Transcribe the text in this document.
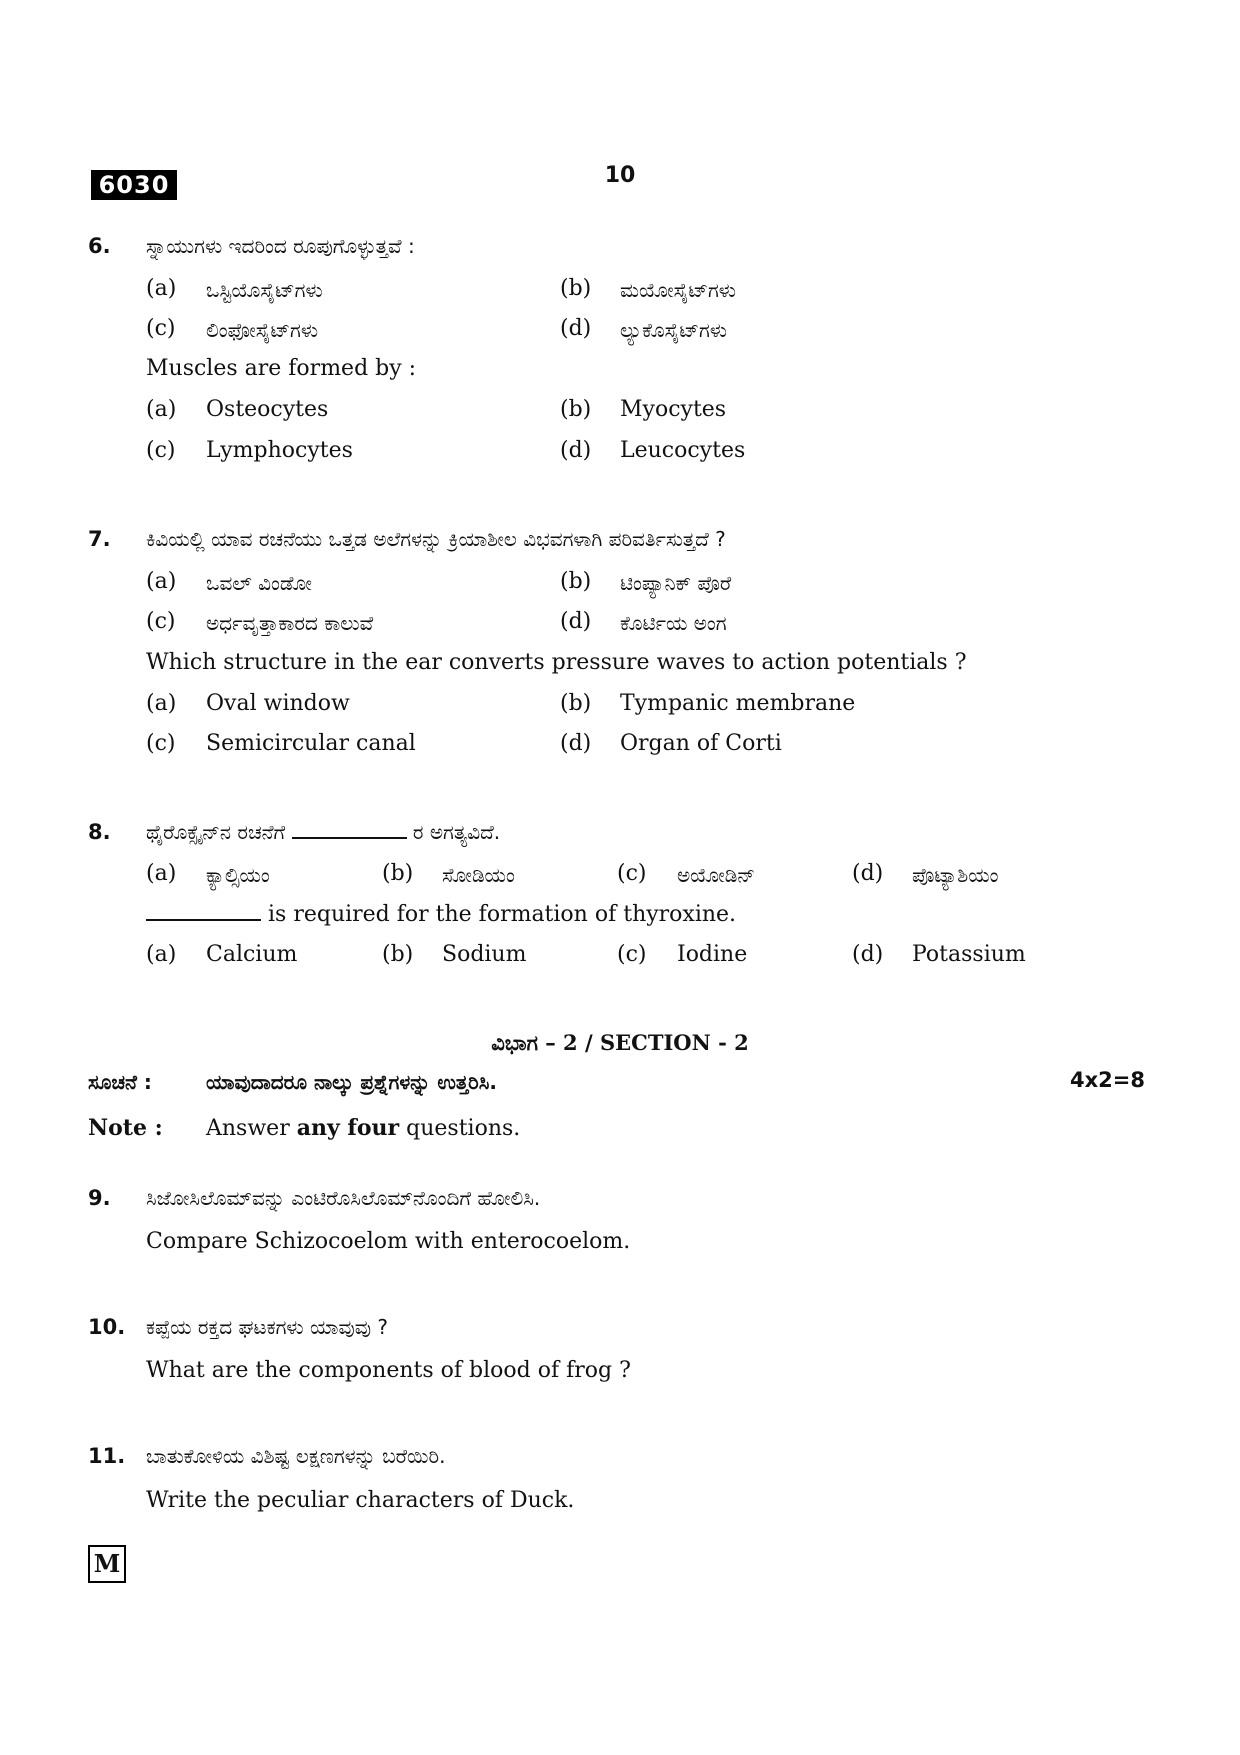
6030	10
6. ಸ್ನಾಯುಗಳು ಇದರಿಂದ ರೂಪುಗೊಳ್ಳುತ್ತವೆ :
(a) ಒಸ್ಟಿಯೊಸೈಟ್‌ಗಳು	(b) ಮಯೋಸೈಟ್‌ಗಳು
(c) ಲಿಂಫೋಸೈಟ್‌ಗಳು	(d) ಲ್ಯುಕೊಸೈಟ್‌ಗಳು
Muscles are formed by :
(a) Osteocytes	(b) Myocytes
(c) Lymphocytes	(d) Leucocytes
7. ಕಿವಿಯಲ್ಲಿ ಯಾವ ರಚನೆಯು ಒತ್ತಡ ಅಲೆಗಳನ್ನು ಕ್ರಿಯಾಶೀಲ ವಿಭವಗಳಾಗಿ ಪರಿವರ್ತಿಸುತ್ತದೆ ?
(a) ಒವಲ್ ವಿಂಡೋ	(b) ಟಿಂಪ್ಯಾನಿಕ್ ಪೊರೆ
(c) ಅರ್ಧವೃತ್ತಾಕಾರದ ಕಾಲುವೆ	(d) ಕೊರ್ಟಿಯ ಅಂಗ
Which structure in the ear converts pressure waves to action potentials ?
(a) Oval window	(b) Tympanic membrane
(c) Semicircular canal	(d) Organ of Corti
8. ಥೈರೊಕ್ಸೈನ್‌ನ ರಚನೆಗೆ	ರ ಅಗತ್ಯವಿದೆ.
(a) ಕ್ಯಾಲ್ಸಿಯಂ	(b) ಸೋಡಿಯಂ	(c) ಅಯೋಡಿನ್	(d) ಪೊಟ್ಯಾಶಿಯಂ
is required for the formation of thyroxine.
(a) Calcium	(b) Sodium	(c) Iodine	(d) Potassium
ವಿಭಾಗ – 2 / SECTION - 2
ಸೂಚನೆ :	ಯಾವುದಾದರೂ ನಾಲ್ಕು ಪ್ರಶ್ನೆಗಳನ್ನು ಉತ್ತರಿಸಿ.	4x2=8
Note : Answer any four questions.
9. ಸಿಜೋಸಿಲೊಮ್‌ವನ್ನು ಎಂಟಿರೊಸಿಲೊಮ್‌ನೊಂದಿಗೆ ಹೋಲಿಸಿ.
Compare Schizocoelom with enterocoelom.
10. ಕಪ್ಪೆಯ ರಕ್ತದ ಘಟಕಗಳು ಯಾವುವು ?
What are the components of blood of frog ?
11. ಬಾತುಕೋಳಿಯ ವಿಶಿಷ್ಟ ಲಕ್ಷಣಗಳನ್ನು ಬರೆಯಿರಿ.
Write the peculiar characters of Duck.
M
